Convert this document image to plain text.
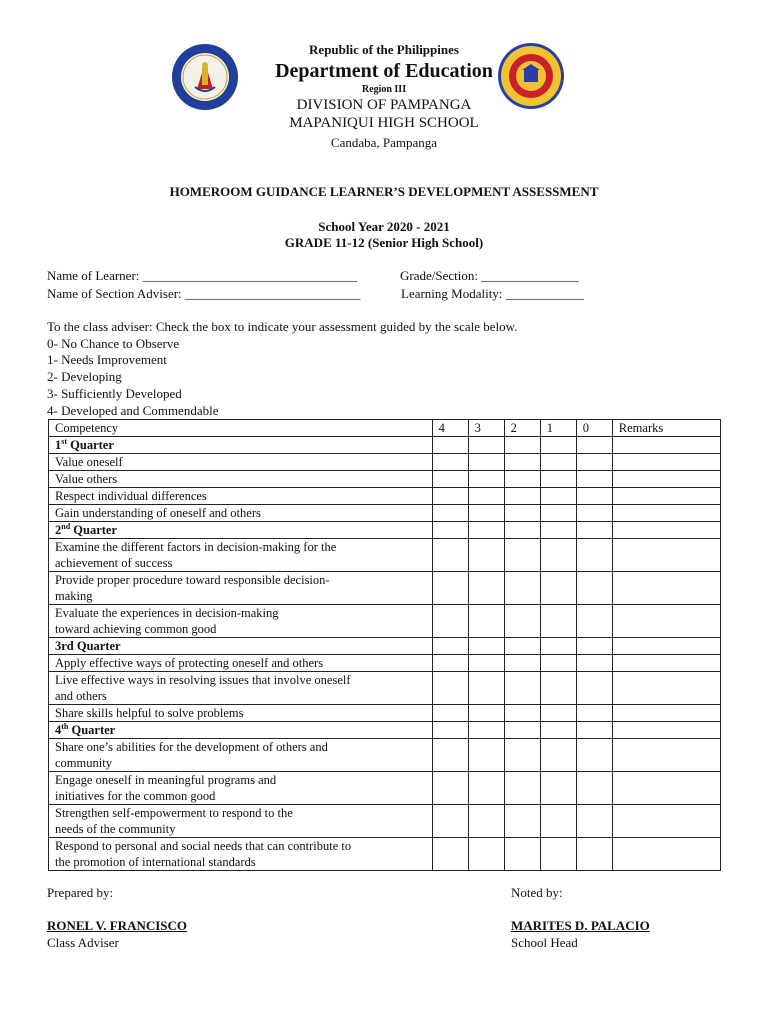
Republic of the Philippines
Department of Education
Region III
DIVISION OF PAMPANGA
MAPANIQUI HIGH SCHOOL
Candaba, Pampanga
HOMEROOM GUIDANCE LEARNER’S DEVELOPMENT ASSESSMENT
School Year 2020 - 2021
GRADE 11-12 (Senior High School)
Name of Learner: _________________________________	Grade/Section: _______________
Name of Section Adviser: ___________________________	Learning Modality: ____________
To the class adviser: Check the box to indicate your assessment guided by the scale below.
0- No Chance to Observe
1- Needs Improvement
2- Developing
3- Sufficiently Developed
4- Developed and Commendable
Competency	4	3	2	1	0	Remarks
1st Quarter						

Value oneself						

Value others						

Respect individual differences						

Gain understanding of oneself and others						

2nd Quarter						

Examine the different factors in decision-making for the
achievement of success						

Provide proper procedure toward responsible decision-
making						

Evaluate the experiences in decision-making
toward achieving common good						

3rd Quarter						

Apply effective ways of protecting oneself and others						

Live effective ways in resolving issues that involve oneself
and others						

Share skills helpful to solve problems						

4th Quarter						

Share one’s abilities for the development of others and
community						

Engage oneself in meaningful programs and
initiatives for the common good						

Strengthen self-empowerment to respond to the
needs of the community						

Respond to personal and social needs that can contribute to
the promotion of international standards						

Prepared by:	Noted by:
RONEL V. FRANCISCO	MARITES D. PALACIO
Class Adviser	School Head
